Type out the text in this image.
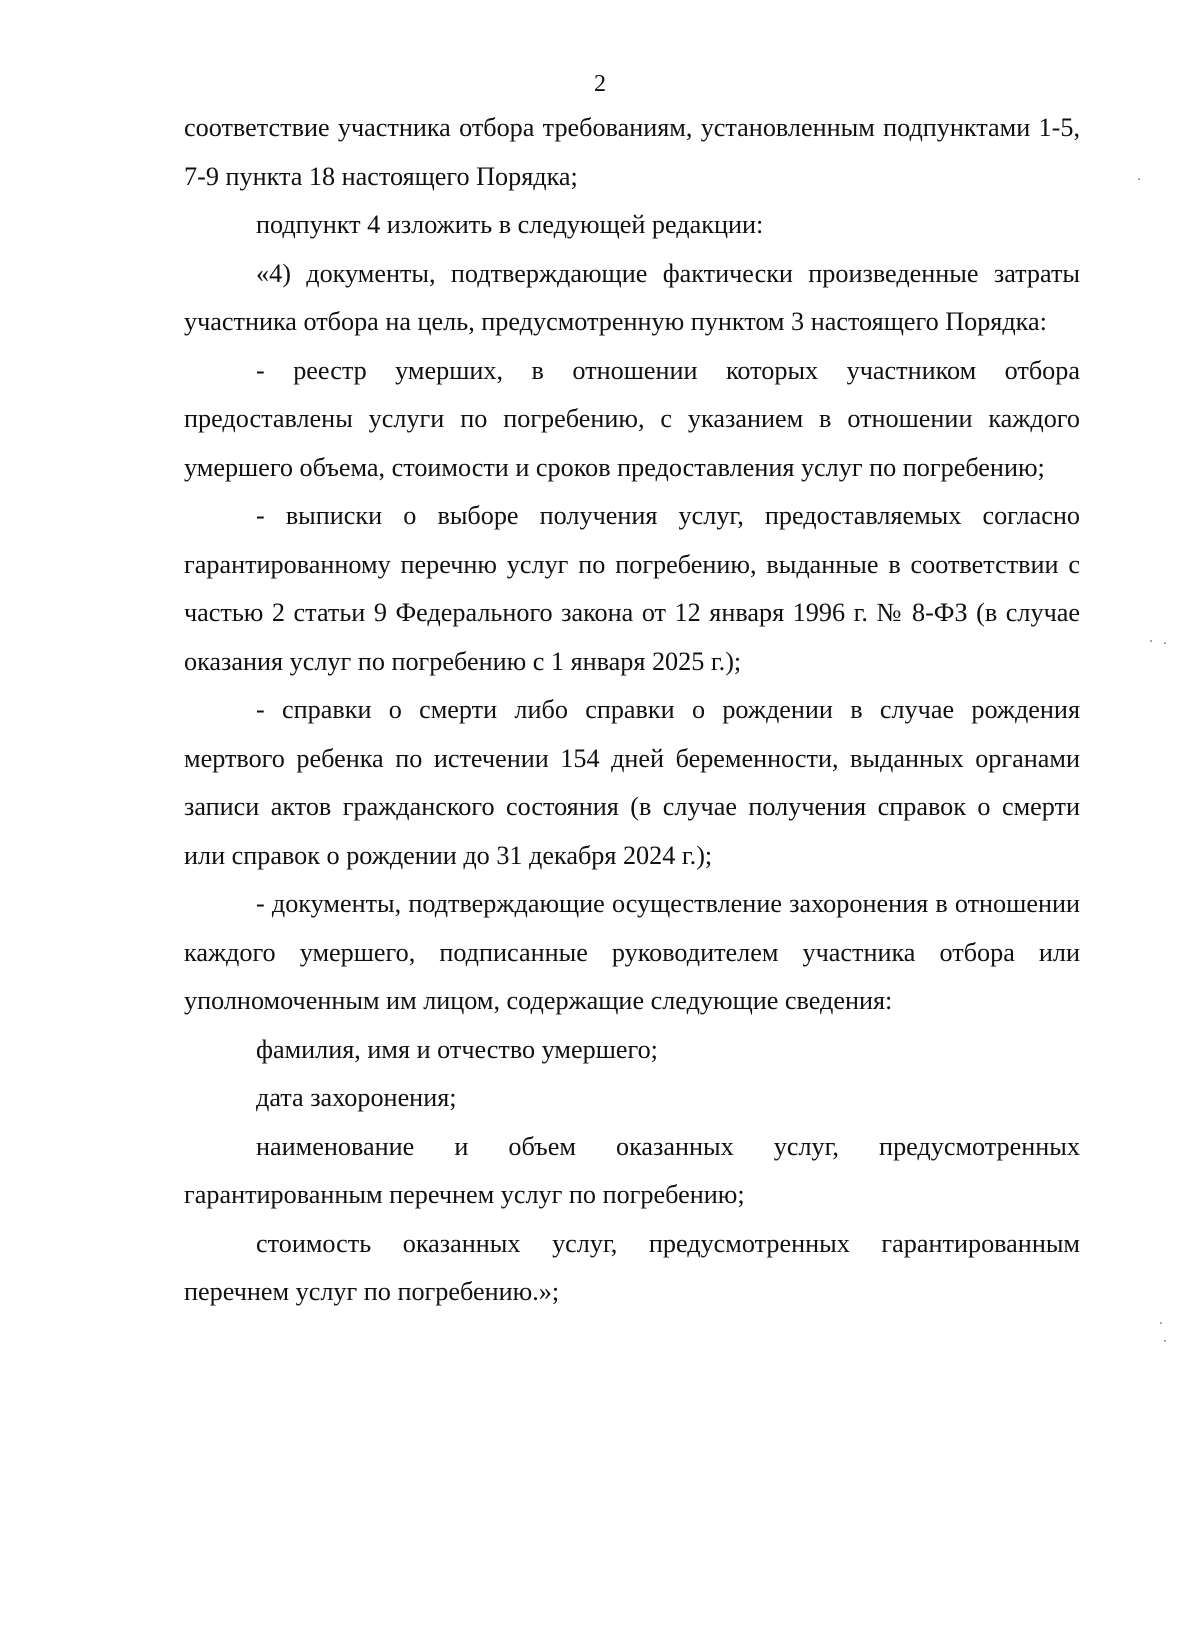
2

соответствие участника отбора требованиям, установленным подпунктами 1-5, 7-9 пункта 18 настоящего Порядка;

подпункт 4 изложить в следующей редакции:

«4) документы, подтверждающие фактически произведенные затраты участника отбора на цель, предусмотренную пунктом 3 настоящего Порядка:

- реестр умерших, в отношении которых участником отбора предоставлены услуги по погребению, с указанием в отношении каждого умершего объема, стоимости и сроков предоставления услуг по погребению;

- выписки о выборе получения услуг, предоставляемых согласно гарантированному перечню услуг по погребению, выданные в соответствии с частью 2 статьи 9 Федерального закона от 12 января 1996 г. № 8-ФЗ (в случае оказания услуг по погребению с 1 января 2025 г.);

- справки о смерти либо справки о рождении в случае рождения мертвого ребенка по истечении 154 дней беременности, выданных органами записи актов гражданского состояния (в случае получения справок о смерти или справок о рождении до 31 декабря 2024 г.);

- документы, подтверждающие осуществление захоронения в отношении каждого умершего, подписанные руководителем участника отбора или уполномоченным им лицом, содержащие следующие сведения:

фамилия, имя и отчество умершего;

дата захоронения;

наименование и объем оказанных услуг, предусмотренных гарантированным перечнем услуг по погребению;

стоимость оказанных услуг, предусмотренных гарантированным перечнем услуг по погребению.»;
